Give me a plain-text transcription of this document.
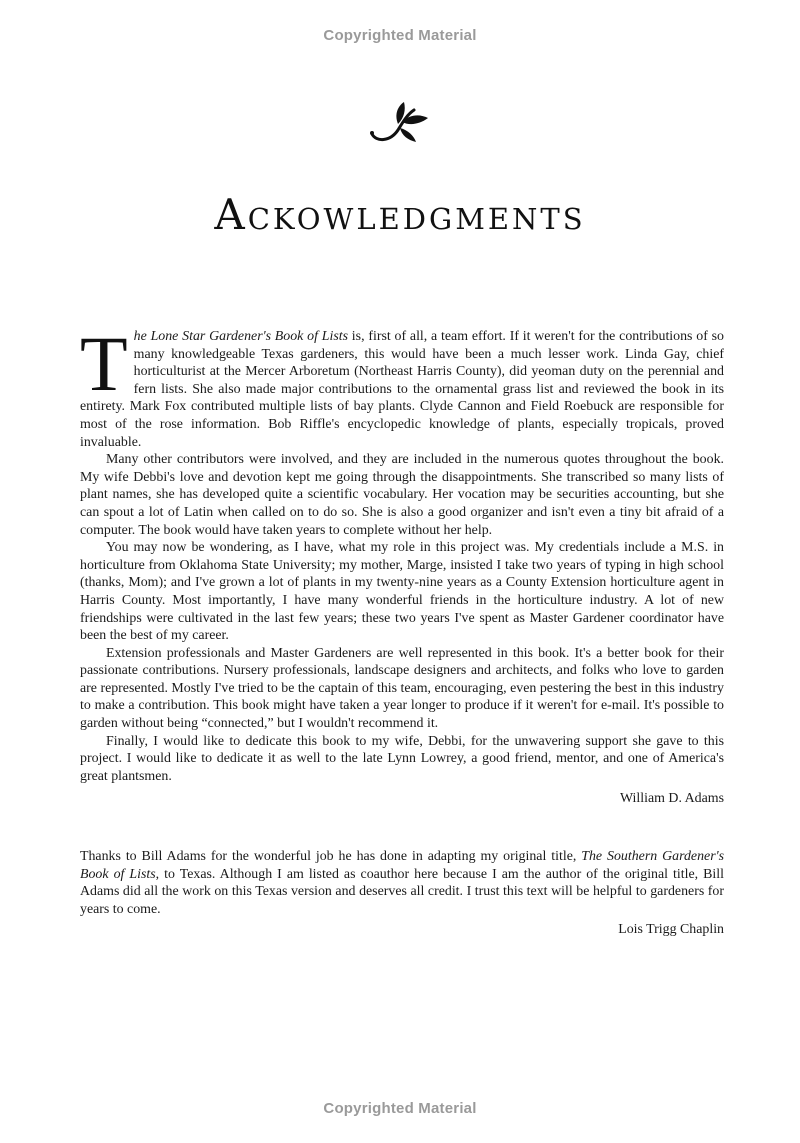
Copyrighted Material
Ackowledgments

The Lone Star Gardener's Book of Lists is, first of all, a team effort. If it weren't for the contributions of so many knowledgeable Texas gardeners, this would have been a much lesser work. Linda Gay, chief horticulturist at the Mercer Arboretum (Northeast Harris County), did yeoman duty on the perennial and fern lists. She also made major contributions to the ornamental grass list and reviewed the book in its entirety. Mark Fox contributed multiple lists of bay plants. Clyde Cannon and Field Roebuck are responsible for most of the rose information. Bob Riffle's encyclopedic knowledge of plants, especially tropicals, proved invaluable.

Many other contributors were involved, and they are included in the numerous quotes throughout the book. My wife Debbi's love and devotion kept me going through the disappointments. She transcribed so many lists of plant names, she has developed quite a scientific vocabulary. Her vocation may be securities accounting, but she can spout a lot of Latin when called on to do so. She is also a good organizer and isn't even a tiny bit afraid of a computer. The book would have taken years to complete without her help.

You may now be wondering, as I have, what my role in this project was. My credentials include a M.S. in horticulture from Oklahoma State University; my mother, Marge, insisted I take two years of typing in high school (thanks, Mom); and I've grown a lot of plants in my twenty-nine years as a County Extension horticulture agent in Harris County. Most importantly, I have many wonderful friends in the horticulture industry. A lot of new friendships were cultivated in the last few years; these two years I've spent as Master Gardener coordinator have been the best of my career.

Extension professionals and Master Gardeners are well represented in this book. It's a better book for their passionate contributions. Nursery professionals, landscape designers and architects, and folks who love to garden are represented. Mostly I've tried to be the captain of this team, encouraging, even pestering the best in this industry to make a contribution. This book might have taken a year longer to produce if it weren't for e-mail. It's possible to garden without being “connected,” but I wouldn't recommend it.

Finally, I would like to dedicate this book to my wife, Debbi, for the unwavering support she gave to this project. I would like to dedicate it as well to the late Lynn Lowrey, a good friend, mentor, and one of America's great plantsmen.

William D. Adams

Thanks to Bill Adams for the wonderful job he has done in adapting my original title, The Southern Gardener's Book of Lists, to Texas. Although I am listed as coauthor here because I am the author of the original title, Bill Adams did all the work on this Texas version and deserves all credit. I trust this text will be helpful to gardeners for years to come.

Lois Trigg Chaplin
Copyrighted Material
